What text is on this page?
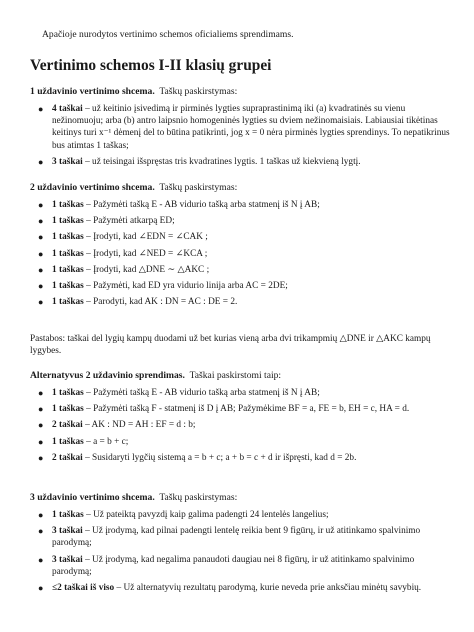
Apačioje nurodytos vertinimo schemos oficialiems sprendimams.
Vertinimo schemos I-II klasių grupei
1 uždavinio vertinimo shcema. Taškų paskirstymas:
● 4 taškai – už keitinio įsivedimą ir pirminės lygties supraprastinimą iki (a) kvadratinės su vienu nežinomuoju; arba (b) antro laipsnio homogeninės lygties su dviem nežinomaisiais. Labiausiai tikėtinas keitinys turi x⁻¹ dėmenį del to būtina patikrinti, jog x = 0 nėra pirminės lygties sprendinys. To nepatikrinus bus atimtas 1 taškas;
● 3 taškai – už teisingai išspręstas tris kvadratines lygtis. 1 taškas už kiekvieną lygtį.
2 uždavinio vertinimo shcema. Taškų paskirstymas:
● 1 taškas – Pažymėti tašką E - AB vidurio tašką arba statmenį iš N į AB;
● 1 taškas – Pažymėti atkarpą ED;
● 1 taškas – Įrodyti, kad ∠EDN = ∠CAK ;
● 1 taškas – Įrodyti, kad ∠NED = ∠KCA ;
● 1 taškas – Įrodyti, kad △DNE ∼ △AKC ;
● 1 taškas – Pažymėti, kad ED yra vidurio linija arba AC = 2DE;
● 1 taškas – Parodyti, kad AK : DN = AC : DE = 2.
Pastabos: taškai del lygių kampų duodami už bet kurias vieną arba dvi trikampmių △DNE ir △AKC kampų lygybes.
Alternatyvus 2 uždavinio sprendimas. Taškai paskirstomi taip:
● 1 taškas – Pažymėti tašką E - AB vidurio tašką arba statmenį iš N į AB;
● 1 taškas – Pažymėti tašką F - statmenį iš D į AB; Pažymėkime BF = a, FE = b, EH = c, HA = d.
● 2 taškai – AK : ND = AH : EF = d : b;
● 1 taškas – a = b + c;
● 2 taškai – Susidaryti lygčių sistemą a = b + c; a + b = c + d ir išpręsti, kad d = 2b.
3 uždavinio vertinimo shcema. Taškų paskirstymas:
● 1 taškas – Už pateiktą pavyzdį kaip galima padengti 24 lentelės langelius;
● 3 taškai – Už įrodymą, kad pilnai padengti lentelę reikia bent 9 figūrų, ir už atitinkamo spalvinimo parodymą;
● 3 taškai – Už įrodymą, kad negalima panaudoti daugiau nei 8 figūrų, ir už atitinkamo spalvinimo parodymą;
● ≤2 taškai iš viso – Už alternatyvių rezultatų parodymą, kurie neveda prie anksčiau minėtų savybių.
